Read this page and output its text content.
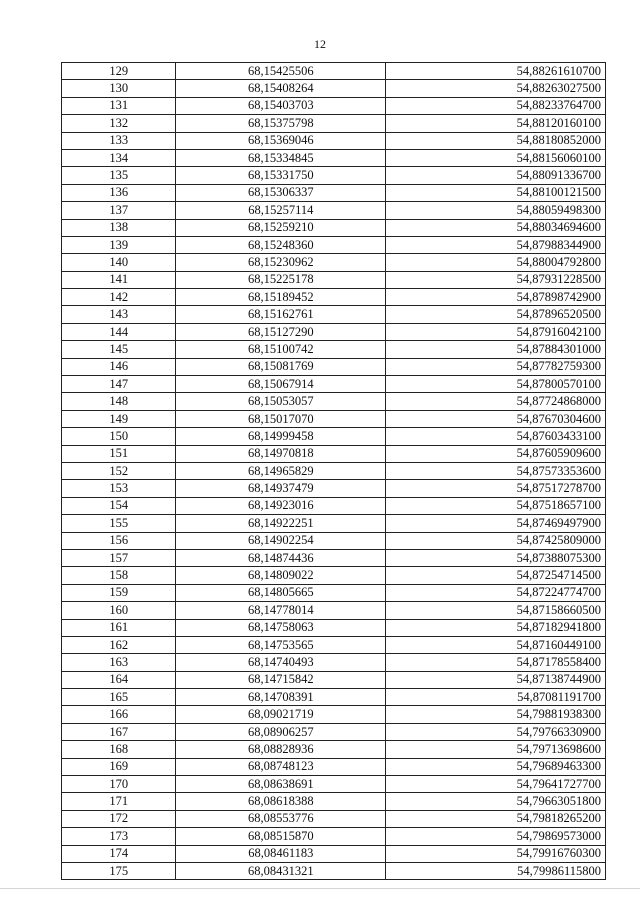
12
129	68,15425506	54,88261610700
130	68,15408264	54,88263027500
131	68,15403703	54,88233764700
132	68,15375798	54,88120160100
133	68,15369046	54,88180852000
134	68,15334845	54,88156060100
135	68,15331750	54,88091336700
136	68,15306337	54,88100121500
137	68,15257114	54,88059498300
138	68,15259210	54,88034694600
139	68,15248360	54,87988344900
140	68,15230962	54,88004792800
141	68,15225178	54,87931228500
142	68,15189452	54,87898742900
143	68,15162761	54,87896520500
144	68,15127290	54,87916042100
145	68,15100742	54,87884301000
146	68,15081769	54,87782759300
147	68,15067914	54,87800570100
148	68,15053057	54,87724868000
149	68,15017070	54,87670304600
150	68,14999458	54,87603433100
151	68,14970818	54,87605909600
152	68,14965829	54,87573353600
153	68,14937479	54,87517278700
154	68,14923016	54,87518657100
155	68,14922251	54,87469497900
156	68,14902254	54,87425809000
157	68,14874436	54,87388075300
158	68,14809022	54,87254714500
159	68,14805665	54,87224774700
160	68,14778014	54,87158660500
161	68,14758063	54,87182941800
162	68,14753565	54,87160449100
163	68,14740493	54,87178558400
164	68,14715842	54,87138744900
165	68,14708391	54,87081191700
166	68,09021719	54,79881938300
167	68,08906257	54,79766330900
168	68,08828936	54,79713698600
169	68,08748123	54,79689463300
170	68,08638691	54,79641727700
171	68,08618388	54,79663051800
172	68,08553776	54,79818265200
173	68,08515870	54,79869573000
174	68,08461183	54,79916760300
175	68,08431321	54,79986115800
